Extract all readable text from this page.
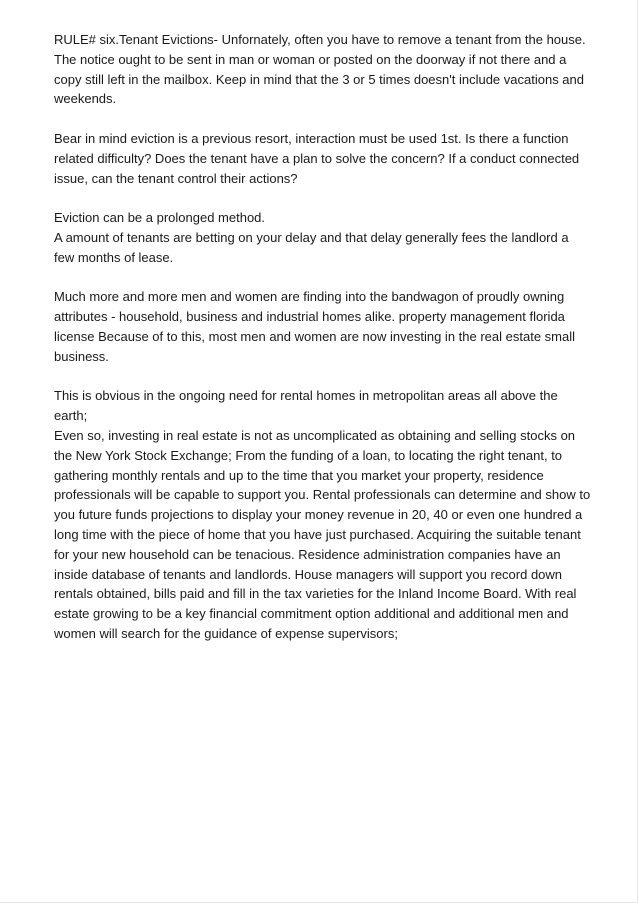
RULE# six.Tenant Evictions- Unfornately, often you have to remove a tenant from the house.
The notice ought to be sent in man or woman or posted on the doorway if not there and a
copy still left in the mailbox. Keep in mind that the 3 or 5 times doesn't include vacations and
weekends.
Bear in mind eviction is a previous resort, interaction must be used 1st. Is there a function
related difficulty? Does the tenant have a plan to solve the concern? If a conduct connected
issue, can the tenant control their actions?
Eviction can be a prolonged method.
A amount of tenants are betting on your delay and that delay generally fees the landlord a
few months of lease.
Much more and more men and women are finding into the bandwagon of proudly owning
attributes - household, business and industrial homes alike. property management florida
license Because of to this, most men and women are now investing in the real estate small
business.
This is obvious in the ongoing need for rental homes in metropolitan areas all above the
earth;
Even so, investing in real estate is not as uncomplicated as obtaining and selling stocks on
the New York Stock Exchange; From the funding of a loan, to locating the right tenant, to
gathering monthly rentals and up to the time that you market your property, residence
professionals will be capable to support you. Rental professionals can determine and show to
you future funds projections to display your money revenue in 20, 40 or even one hundred a
long time with the piece of home that you have just purchased. Acquiring the suitable tenant
for your new household can be tenacious. Residence administration companies have an
inside database of tenants and landlords. House managers will support you record down
rentals obtained, bills paid and fill in the tax varieties for the Inland Income Board. With real
estate growing to be a key financial commitment option additional and additional men and
women will search for the guidance of expense supervisors;
